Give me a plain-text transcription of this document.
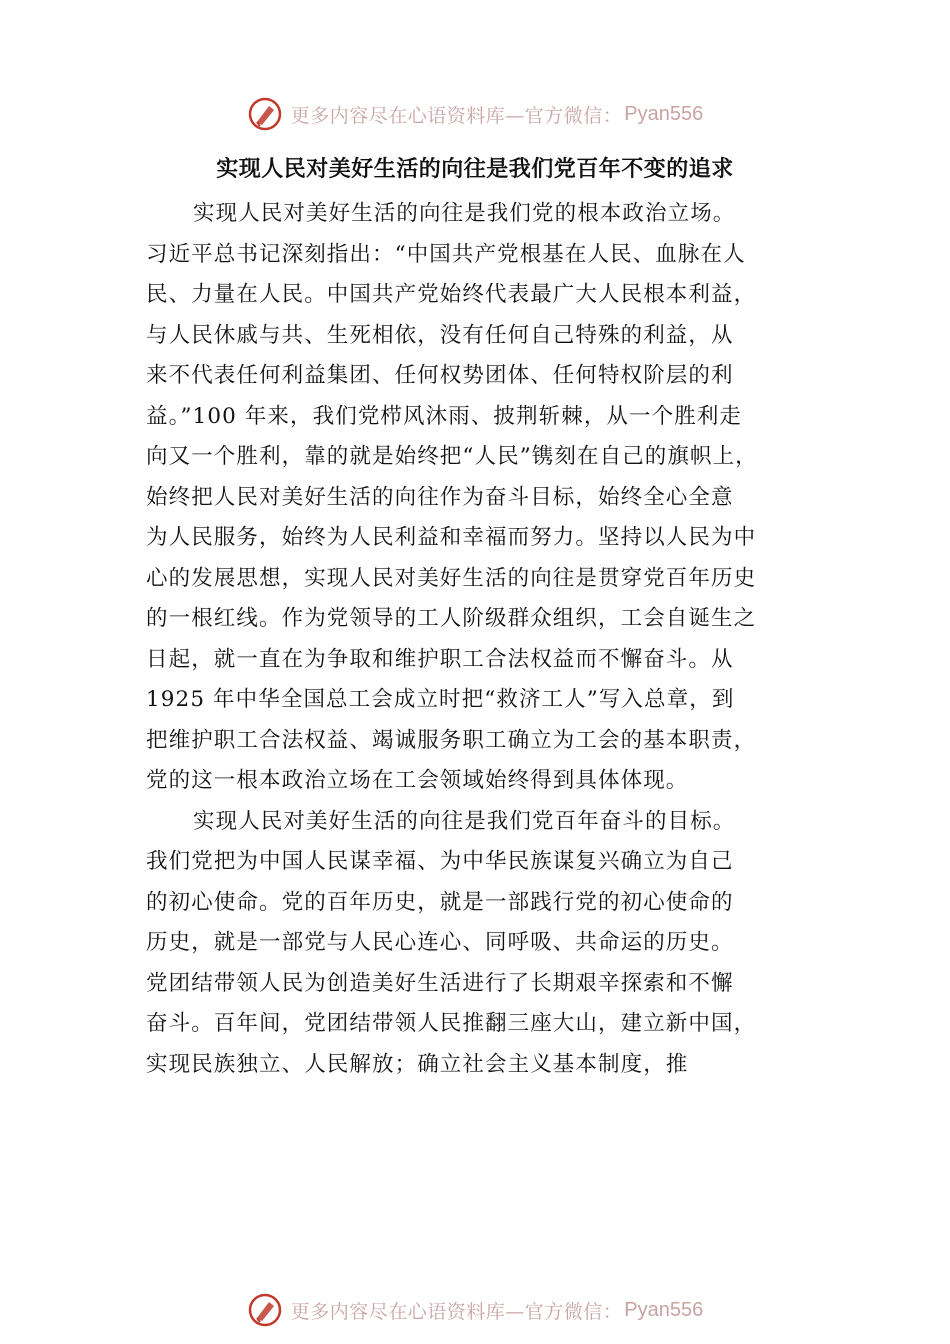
更多内容尽在心语资料库—官方微信： Pyan556
实现人民对美好生活的向往是我们党百年不变的追求
实现人民对美好生活的向往是我们党的根本政治立场。
习近平总书记深刻指出：“中国共产党根基在人民、血脉在人
民、力量在人民。中国共产党始终代表最广大人民根本利益，
与人民休戚与共、生死相依，没有任何自己特殊的利益，从
来不代表任何利益集团、任何权势团体、任何特权阶层的利
益。”100 年来，我们党栉风沐雨、披荆斩棘，从一个胜利走
向又一个胜利，靠的就是始终把“人民”镌刻在自己的旗帜上，
始终把人民对美好生活的向往作为奋斗目标，始终全心全意
为人民服务，始终为人民利益和幸福而努力。坚持以人民为中
心的发展思想，实现人民对美好生活的向往是贯穿党百年历史
的一根红线。作为党领导的工人阶级群众组织，工会自诞生之
日起，就一直在为争取和维护职工合法权益而不懈奋斗。从
1925 年中华全国总工会成立时把“救济工人”写入总章，到
把维护职工合法权益、竭诚服务职工确立为工会的基本职责，
党的这一根本政治立场在工会领域始终得到具体体现。
实现人民对美好生活的向往是我们党百年奋斗的目标。
我们党把为中国人民谋幸福、为中华民族谋复兴确立为自己
的初心使命。党的百年历史，就是一部践行党的初心使命的
历史，就是一部党与人民心连心、同呼吸、共命运的历史。
党团结带领人民为创造美好生活进行了长期艰辛探索和不懈
奋斗。百年间，党团结带领人民推翻三座大山，建立新中国，
实现民族独立、人民解放；确立社会主义基本制度，推
更多内容尽在心语资料库—官方微信： Pyan556
